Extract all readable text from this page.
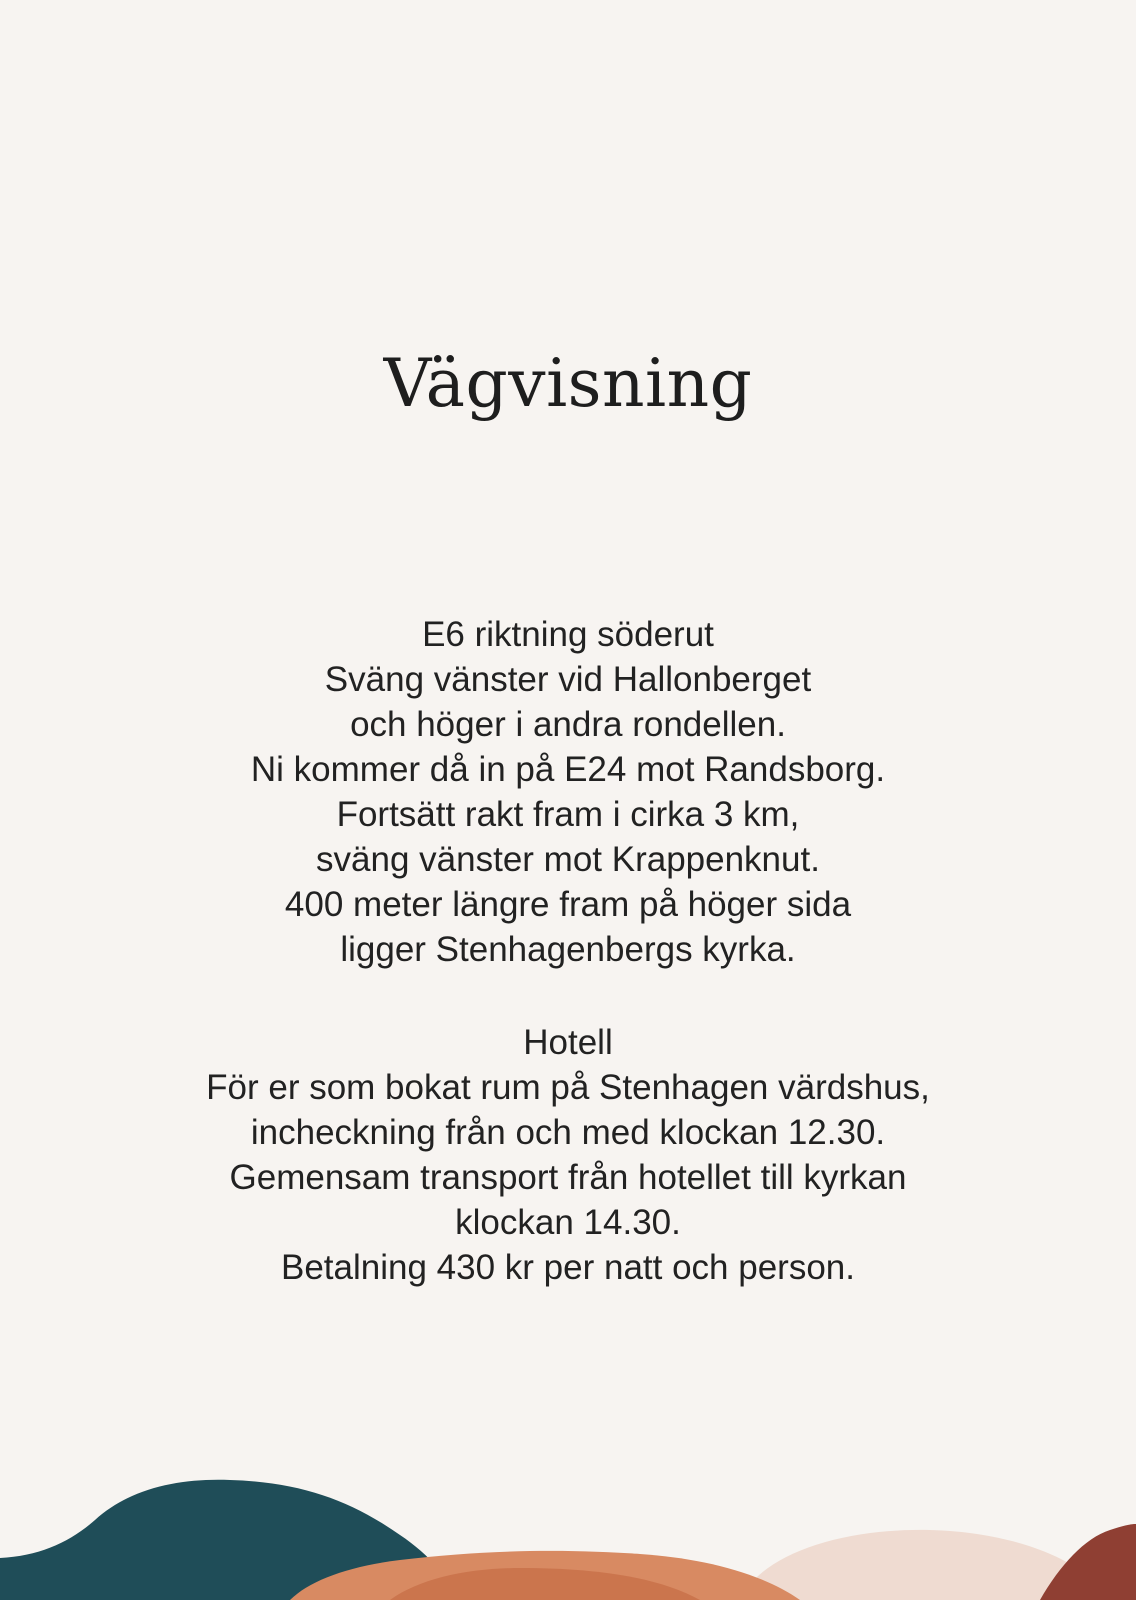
Vägvisning
E6 riktning söderut
Sväng vänster vid Hallonberget
och höger i andra rondellen.
Ni kommer då in på E24 mot Randsborg.
Fortsätt rakt fram i cirka 3 km,
sväng vänster mot Krappenknut.
400 meter längre fram på höger sida
ligger Stenhagenbergs kyrka.
Hotell
För er som bokat rum på Stenhagen värdshus,
incheckning från och med klockan 12.30.
Gemensam transport från hotellet till kyrkan
klockan 14.30.
Betalning 430 kr per natt och person.
